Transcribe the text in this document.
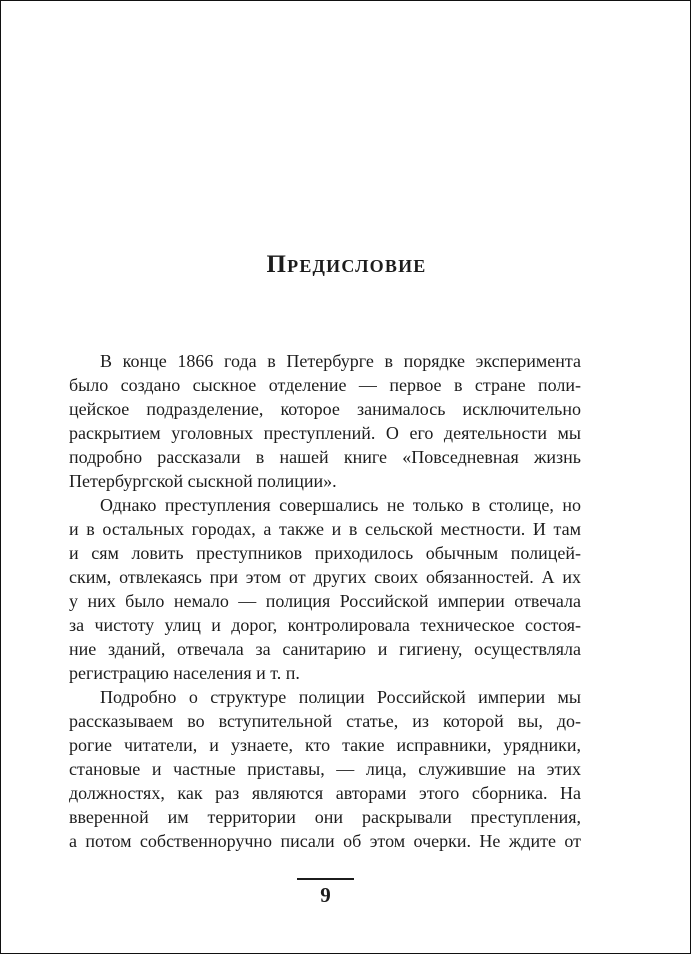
Предисловие

В конце 1866 года в Петербурге в порядке эксперимента
было создано сыскное отделение — первое в стране поли-
цейское подразделение, которое занималось исключительно
раскрытием уголовных преступлений. О его деятельности мы
подробно рассказали в нашей книге «Повседневная жизнь
Петербургской сыскной полиции».

Однако преступления совершались не только в столице, но
и в остальных городах, а также и в сельской местности. И там
и сям ловить преступников приходилось обычным полицей-
ским, отвлекаясь при этом от других своих обязанностей. А их
у них было немало — полиция Российской империи отвечала
за чистоту улиц и дорог, контролировала техническое состоя-
ние зданий, отвечала за санитарию и гигиену, осуществляла
регистрацию населения и т. п.

Подробно о структуре полиции Российской империи мы
рассказываем во вступительной статье, из которой вы, до-
рогие читатели, и узнаете, кто такие исправники, урядники,
становые и частные приставы, — лица, служившие на этих
должностях, как раз являются авторами этого сборника. На
вверенной им территории они раскрывали преступления,
а потом собственноручно писали об этом очерки. Не ждите от

9
